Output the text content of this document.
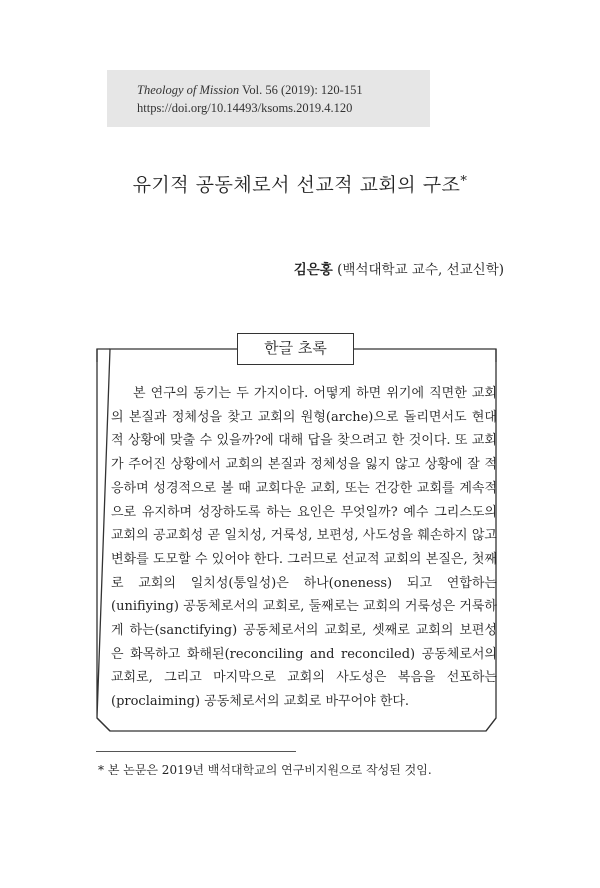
Theology of Mission Vol. 56 (2019): 120-151
https://doi.org/10.14493/ksoms.2019.4.120
유기적 공동체로서 선교적 교회의 구조*
김은홍 (백석대학교 교수, 선교신학)
한글 초록
본 연구의 동기는 두 가지이다. 어떻게 하면 위기에 직면한 교회의 본질과 정체성을 찾고 교회의 원형(arche)으로 돌리면서도 현대적 상황에 맞출 수 있을까?에 대해 답을 찾으려고 한 것이다. 또 교회가 주어진 상황에서 교회의 본질과 정체성을 잃지 않고 상황에 잘 적응하며 성경적으로 볼 때 교회다운 교회, 또는 건강한 교회를 계속적으로 유지하며 성장하도록 하는 요인은 무엇일까? 예수 그리스도의 교회의 공교회성 곧 일치성, 거룩성, 보편성, 사도성을 훼손하지 않고 변화를 도모할 수 있어야 한다. 그러므로 선교적 교회의 본질은, 첫째로 교회의 일치성(통일성)은 하나(oneness) 되고 연합하는(unifiying) 공동체로서의 교회로, 둘째로는 교회의 거룩성은 거룩하게 하는(sanctifying) 공동체로서의 교회로, 셋째로 교회의 보편성은 화목하고 화해된(reconciling and reconciled) 공동체로서의 교회로, 그리고 마지막으로 교회의 사도성은 복음을 선포하는(proclaiming) 공동체로서의 교회로 바꾸어야 한다.
* 본 논문은 2019년 백석대학교의 연구비지원으로 작성된 것임.
